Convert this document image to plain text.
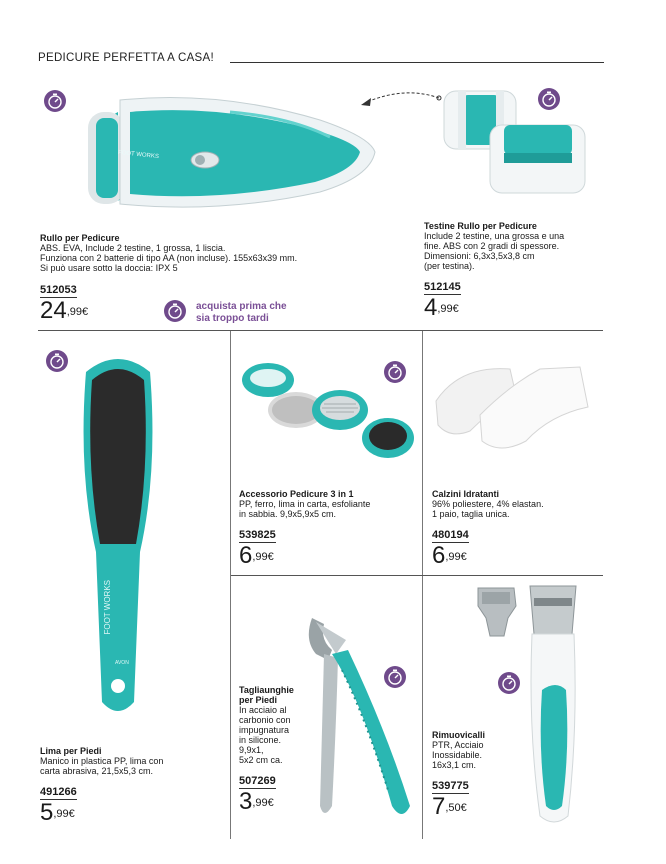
PEDICURE PERFETTA A CASA!
FOOT WORKS
Rullo per Pedicure
ABS. EVA, Include 2 testine, 1 grossa, 1 liscia.
Funziona con 2 batterie di tipo AA (non incluse). 155x63x39 mm.
Si può usare sotto la doccia: IPX 5
512053
$24^{,99€}$	acquista prima che
sia troppo tardi
Testine Rullo per Pedicure
Include 2 testine, una grossa e una
fine. ABS con 2 gradi di spessore.
Dimensioni: 6,3x3,5x3,8 cm
(per testina).
512145
$4^{,99€}$
FOOT WORKS
AVON
Lima per Piedi
Manico in plastica PP, lima con
carta abrasiva, 21,5x5,3 cm.
491266
$5^{,99€}$
Accessorio Pedicure 3 in 1
PP, ferro, lima in carta, esfoliante
in sabbia. 9,9x5,9x5 cm.
539825
$6^{,99€}$
Calzini Idratanti
96% poliestere, 4% elastan.
1 paio, taglia unica.
480194
$6^{,99€}$
Tagliaunghie
per Piedi
In acciaio al
carbonio con
impugnatura
in silicone.
9,9x1,
5x2 cm ca.
507269
$3^{,99€}$
Rimuovicalli
PTR, Acciaio
Inossidabile.
16x3,1 cm.
539775
$7^{,50€}$
